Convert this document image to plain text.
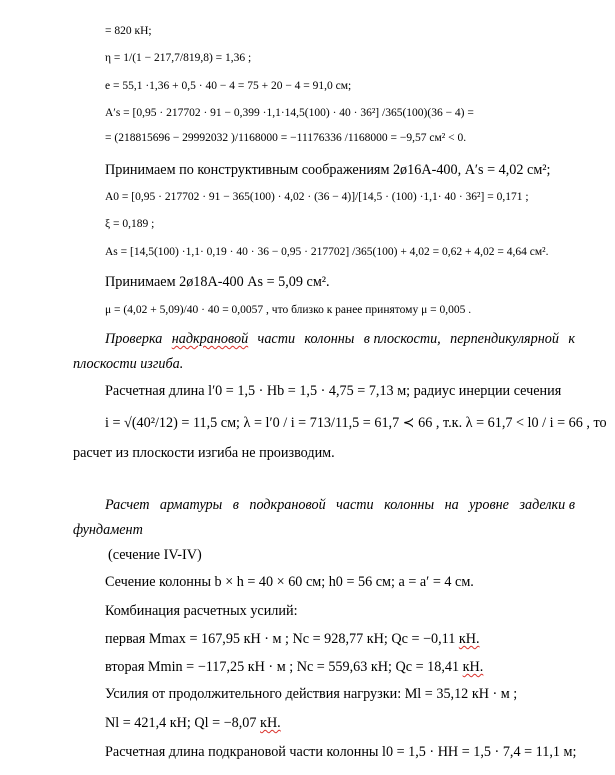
= 820 кН;
η = 1/(1 − 217,7/819,8) = 1,36 ;
e = 55,1 ·1,36 + 0,5 · 40 − 4 = 75 + 20 − 4 = 91,0 см;
A′s = [0,95 · 217702 · 91 − 0,399 ·1,1·14,5(100) · 40 · 36²] /365(100)(36 − 4) =
= (218815696 − 29992032 )/1168000 = −11176336 /1168000 = −9,57 см² < 0.
Принимаем по конструктивным соображениям 2ø16А-400, A′s = 4,02 см²;
A0 = [0,95 · 217702 · 91 − 365(100) · 4,02 · (36 − 4)]/[14,5 · (100) ·1,1· 40 · 36²] = 0,171 ;
ξ = 0,189 ;
As = [14,5(100) ·1,1· 0,19 · 40 · 36 − 0,95 · 217702] /365(100) + 4,02 = 0,62 + 4,02 = 4,64 см².
Принимаем 2ø18А-400 As = 5,09 см².
μ = (4,02 + 5,09)/40 · 40 = 0,0057 , что близко к ранее принятому μ = 0,005 .
Проверка надкрановой части колонны в плоскости, перпендикулярной к
плоскости изгиба.
Расчетная длина l′0 = 1,5 · Hb = 1,5 · 4,75 = 7,13 м; радиус инерции сечения
i = √(40²/12) = 11,5 см; λ = l′0 / i = 713/11,5 = 61,7 ≺ 66 , т.к. λ = 61,7 < l0 / i = 66 , то
расчет из плоскости изгиба не производим.
Расчет арматуры в подкрановой части колонны на уровне заделки в
фундамент
(сечение IV-IV)
Сечение колонны b × h = 40 × 60 см; h0 = 56 см; a = a′ = 4 см.
Комбинация расчетных усилий:
первая Mmax = 167,95 кН · м ; Nc = 928,77 кН; Qc = −0,11 кН.
вторая Mmin = −117,25 кН · м ; Nc = 559,63 кН; Qc = 18,41 кН.
Усилия от продолжительного действия нагрузки: Ml = 35,12 кН · м ;
Nl = 421,4 кН; Ql = −8,07 кН.
Расчетная длина подкрановой части колонны l0 = 1,5 · HH = 1,5 · 7,4 = 11,1 м;
